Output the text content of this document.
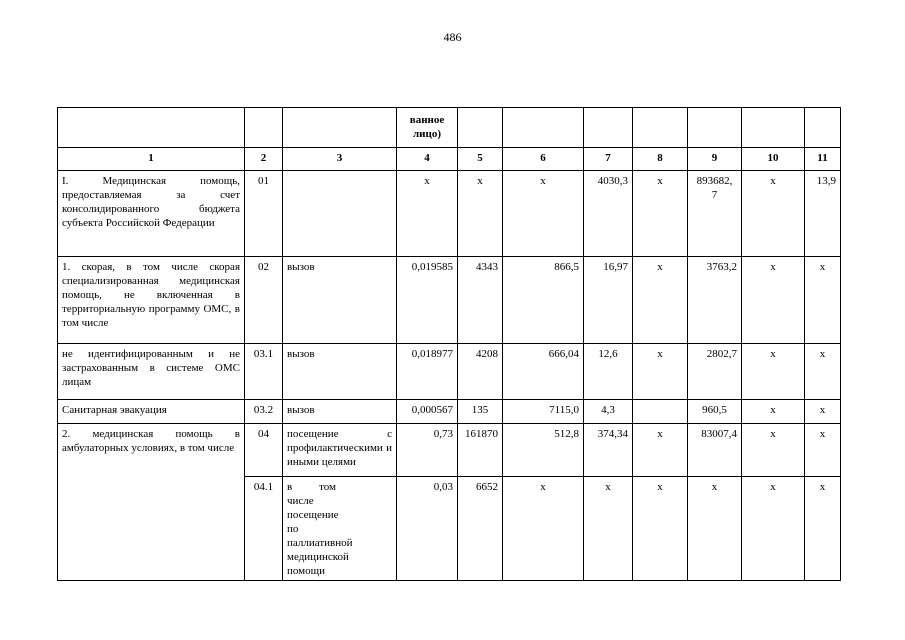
486
			ванное лицо)							
1	2	3	4	5	6	7	8	9	10	11
I. Медицинская помощь, предоставляемая за счет консолидированного бюджета субъекта Российской Федерации	01		x	x	x	4030,3	x	893682,7	x	13,9
1. скорая, в том числе скорая специализированная медицинская помощь, не включенная в территориальную программу ОМС, в том числе	02	вызов	0,019585	4343	866,5	16,97	x	3763,2	x	x
не идентифицированным и не застрахованным в системе ОМС лицам	03.1	вызов	0,018977	4208	666,04	12,6	x	2802,7	x	x
Санитарная эвакуация	03.2	вызов	0,000567	135	7115,0	4,3		960,5	x	x
2. медицинская помощь в амбулаторных условиях, в том числе	04	посещение с профилактическими и иными целями	0,73	161870	512,8	374,34	x	83007,4	x	x
	04.1	в том числе посещение по паллиативной медицинской помощи	0,03	6652	x	x	x	x	x	x
